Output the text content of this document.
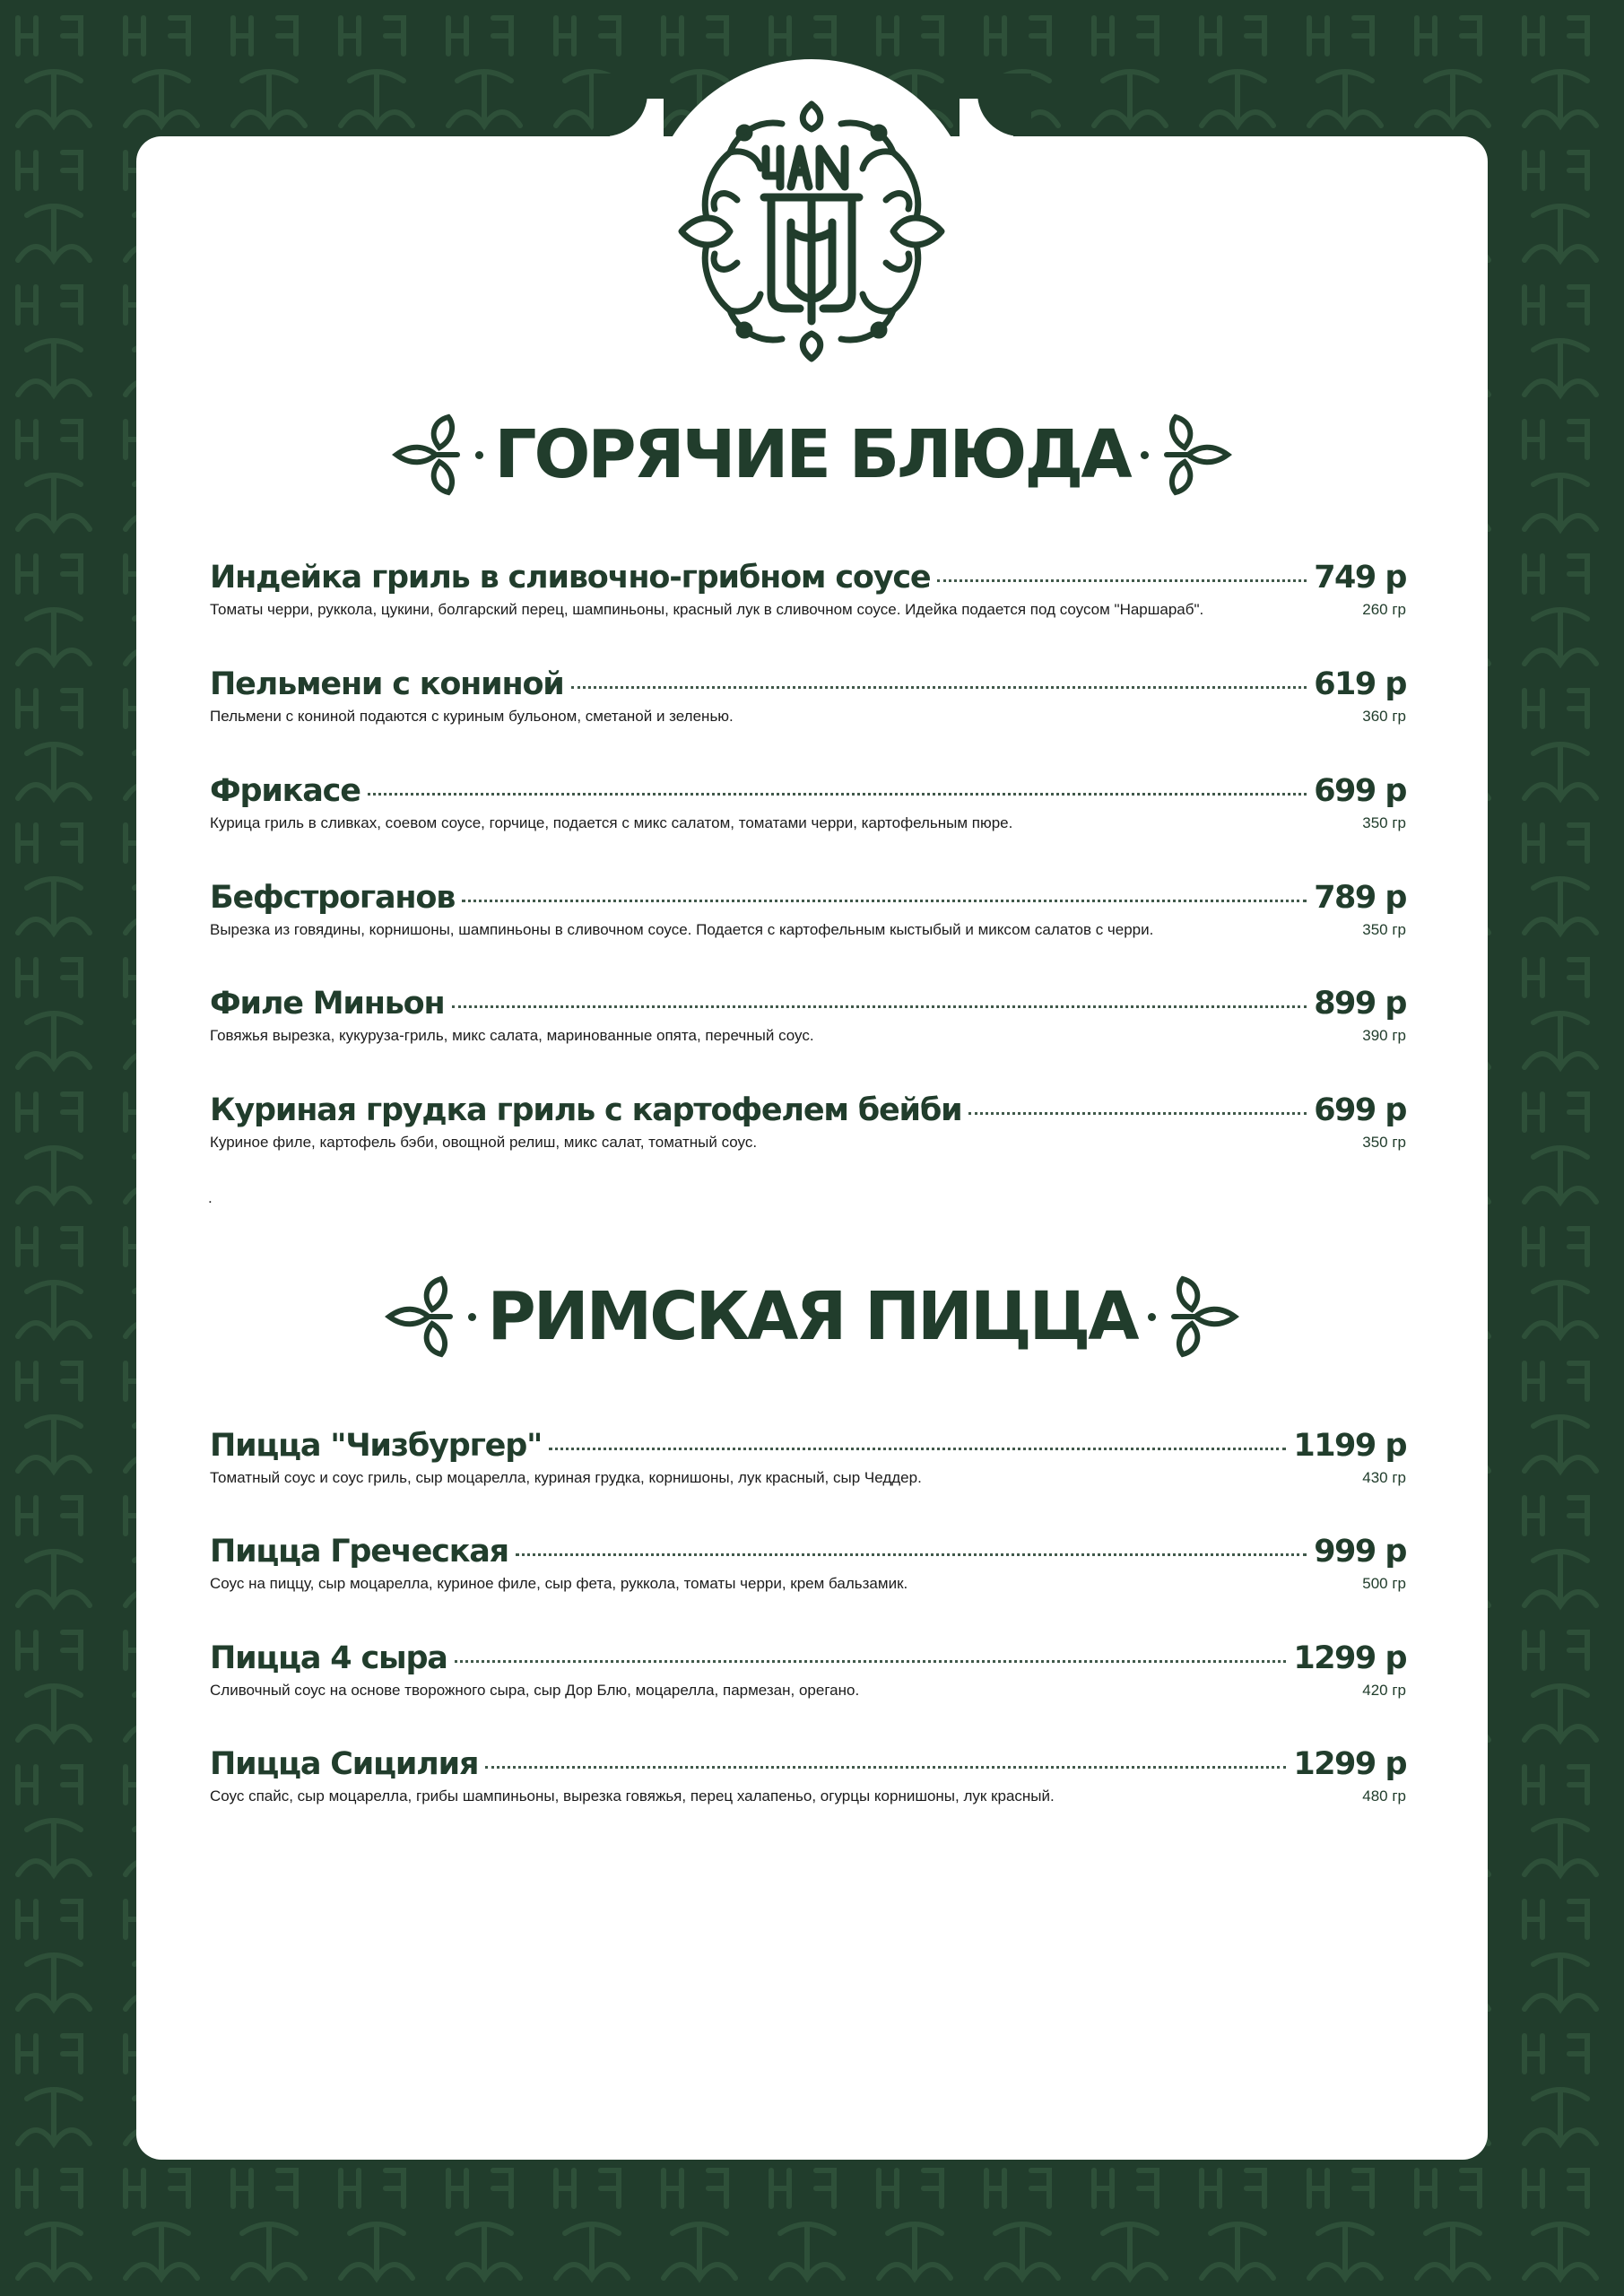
ГОРЯЧИЕ БЛЮДА
Индейка гриль в сливочно-грибном соусе	749 р
Томаты черри, руккола, цукини, болгарский перец, шампиньоны, красный лук в сливочном соусе. Идейка подается под соусом "Наршараб".	260 гр
Пельмени с кониной	619 р
Пельмени с кониной подаются с куриным бульоном, сметаной и зеленью.	360 гр
Фрикасе	699 р
Курица гриль в сливках, соевом соусе, горчице, подается с микс салатом, томатами черри, картофельным пюре.	350 гр
Бефстроганов	789 р
Вырезка из говядины, корнишоны, шампиньоны в сливочном соусе. Подается с картофельным кыстыбый и миксом салатов с черри.	350 гр
Филе Миньон	899 р
Говяжья вырезка, кукуруза-гриль, микс салата, маринованные опята, перечный соус.	390 гр
Куриная грудка гриль с картофелем бейби	699 р
Куриное филе, картофель бэби, овощной релиш, микс салат, томатный соус.	350 гр
.
РИМСКАЯ ПИЦЦА
Пицца "Чизбургер"	1199 р
Томатный соус и соус гриль, сыр моцарелла, куриная грудка, корнишоны, лук красный, сыр Чеддер.	430 гр
Пицца Греческая	999 р
Соус на пиццу, сыр моцарелла, куриное филе, сыр фета, руккола, томаты черри, крем бальзамик.	500 гр
Пицца 4 сыра	1299 р
Сливочный соус на основе творожного сыра, сыр Дор Блю, моцарелла, пармезан, орегано.	420 гр
Пицца Сицилия	1299 р
Соус спайс, сыр моцарелла, грибы шампиньоны, вырезка говяжья, перец халапеньо, огурцы корнишоны, лук красный.	480 гр
